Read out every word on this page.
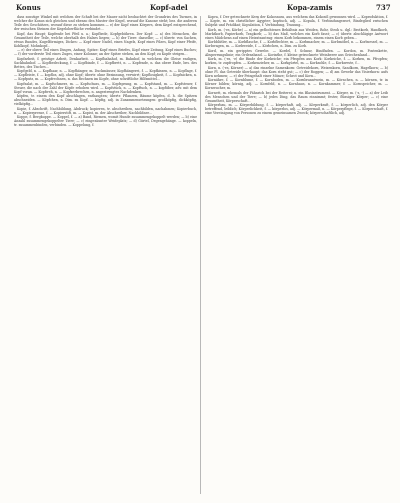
Konus	Kopf-adel	Kopa-zamis	737

dass sonstige Winkel mit welchen der Schaft bei der Mauer nicht beobachtet der Grundriss des Turmes, in welcher die Konus sich gleichen und ebenso den Muster der Kegel, worauf die Kanone steht; bez. die anderen Teile des Geschützes, worauf diese zu stehen kommen — e) der Kopf eines Körpers, dem Kegel entsprechend, der zwischen Steinen der Kegeloberfläche verbindet...

Kopf, das Haupt; Kopfende bei Pfeil u. a.; Kopfbede, Kopfgebühren. Der Kopf: — a) des Menschen, die Gesamtheit der Teile, welche oberhalb des Halses liegen; — b) der Tiere: dasselbe; — c) übertr. von Sachen, etwas Rundes, Kugelförmiges, Dickes: — Kopf einer Nadel, eines Nagels, Kopf eines Pilzes, Kopf einer Pfeife, Kohlkopf, Mohnkopf...

— e) der obere Teil eines Dinges, Anfang, Spitze: Kopf eines Briefes, Kopf einer Zeitung, Kopf eines Buches; — f) der vorderste Teil eines Zuges, einer Kolonne; an der Spitze stehen, an den Kopf; zu Kopfe steigen...

Kopfarbeit, f. geistige Arbeit, Denkarbeit. — Kopfbahnhof, m. Bahnhof, in welchem die Gleise endigen, Sackbahnhof. — Kopfbedeckung, f. — Kopfbinde, f. — Kopfbrett, n. — Kopfende, n. das obere Ende, bes. des Bettes, des Tisches...

Kopfgeld, n. — Kopfhaar, n. — Kopfhänger, m. Duckmäuser, Kopfhängerei, f. — Kopfkissen, n. — Kopflage, f. — Kopfleiste, f. — kopflos, adj. ohne Kopf; übertr. ohne Besinnung, verwirrt; Kopflosigkeit, f. — Kopfnicken, n. — Kopfputz, m. — Kopfrechnen, n. das Rechnen im Kopfe, ohne schriftliche Hilfsmittel...

Kopfsalat, m. — Kopfschmerz, m. — Kopfschuss, m. — Kopfsprung, m. — Kopfstand, m. — Kopfsteuer, f. Steuer, die nach der Zahl der Köpfe erhoben wird. — Kopfstück, n. — Kopftuch, n. — kopfüber, adv. mit dem Kopf voran. — Kopfweh, n. — Kopfzerbrechen, n. angestrengtes Nachdenken.

köpfen, tr. einem den Kopf abschlagen, enthaupten; übertr. Pflanzen, Bäume köpfen, d. h. die Spitzen abschneiden. — Köpfchen, n. Dim. zu Kopf. — köpfig, adj. in Zusammensetzungen: großköpfig, dickköpfig, vielköpfig...

Kopie, f. Abschrift, Nachbildung, Abdruck; kopieren, tr. abschreiben, nachbilden, nachahmen; Kopierbuch, n. — Kopierpresse, f. — Kopierstift, m. — Kopist, m. der Abschreiber, Nachbildner...

Koppe, f. Bergkuppe. — Koppel, f. — a) Band, Riemen, womit Hunde zusammengekoppelt werden; — b) eine Anzahl zusammengekoppelter Tiere; — c) eingezäunter Weideplatz; — d) Gürtel, Degengehänge. — koppeln, tr. zusammenbinden, verbinden. — Koppelung, f.

Kopra, f. Der getrocknete Kern der Kokosnuss, aus welchem das Kokosöl gewonnen wird. — Koproduktion, f. — Kopte, m. ein christlicher Ägypter; koptisch, adj. — Kopula, f. Verbindungswort, Bindeglied zwischen Subjekt und Prädikat; Kopulation, f. Verbindung, Trauung...

Korb, m. (-es, Körbe) — a) ein geflochtenes Behältnis aus Weiden, Rohr, Stroh u. dgl.: Brotkorb, Handkorb, Marktkorb, Papierkorb, Tragkorb; — b) das Maß, welches ein Korb fasst; — c) übertr. abschlägige Antwort eines Mädchens auf einen Heiratsantrag: einen Korb bekommen, einem einen Korb geben...

Korbblütler, m. — Korbflasche, f. — Korbflechter, m. — Korbmacher, m. — Korbmöbel, n. — Korbsessel, m. — Korbwagen, m. — Korbweide, f. — Körbchen, n. Dim. zu Korb.

Kord, m. ein geripptes Gewebe. — Kordel, f. Schnur, Bindfaden. — Kordon, m. Postenkette, Absperrungslinie; ein Ordensband. — Korinthe, f. kleine getrocknete Weinbeere aus Griechenland...

Kork, m. (-es, -e) die Rinde der Korkeiche; ein Pfropfen aus Kork: Korkeiche, f. — Korken, m. Pfropfen; korken, tr. zupfropfen. — Korkenzieher, m. — Korkgürtel, m. — Korksohle, f. — Korkweste, f...

Korn, n. (-es, Körner) — a) das einzelne Samenkorn: Getreidekorn, Weizenkorn, Sandkorn, Hagelkorn; — b) ohne Pl. das Getreide überhaupt: das Korn steht gut; — c) der Roggen; — d) am Gewehr das Visierkorn: aufs Korn nehmen; — e) der Feingehalt einer Münze; Schrot und Korn...

Kornähre, f. — Kornblume, f. — Kornboden, m. — Kornbranntwein, m. — Körnchen, n. — körnen, tr. in Körner bilden; körnig, adj. — Kornfeld, n. — Kornhaus, n. — Kornkammer, f. — Kornspeicher, m. — Kornwucher, m.

Kornett, m. ehemals der Fähnrich bei der Reiterei; n. ein Blasinstrument. — Körper, m. (-s, -) — a) der Leib des Menschen und der Tiere; — b) jedes Ding, das Raum einnimmt; fester, flüssiger Körper; — c) eine Gesamtheit, Körperschaft...

Körperbau, m. — Körperbildung, f. — körperhaft, adj. — Körperkraft, f. — körperlich, adj. den Körper betreffend, leiblich; Körperlichkeit, f. — körperlos, adj. — Körpermaß, n. — Körperpflege, f. — Körperschaft, f. eine Vereinigung von Personen zu einem gemeinsamen Zweck; körperschaftlich, adj.
